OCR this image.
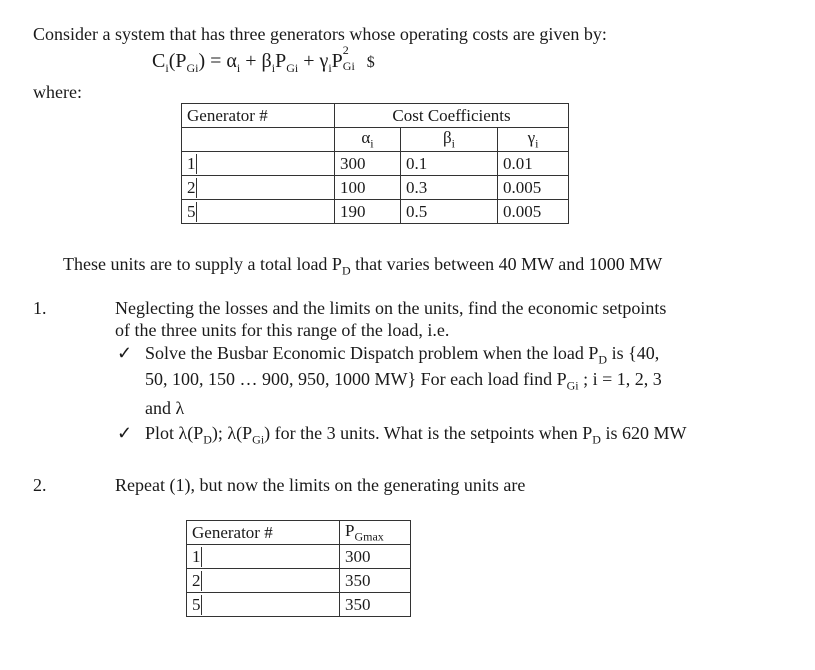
Consider a system that has three generators whose operating costs are given by:
$C_i(P_{Gi}) = \alpha_i + \beta_iP_{Gi} + \gamma_iP$ 2
Gi $
where:
Generator #	Cost Coefficients		
	$\alpha_i$	$\beta_i$	$\gamma_i$
1	300	0.1	0.01
2	100	0.3	0.005
5	190	0.5	0.005
These units are to supply a total load $P_D$ that varies between 40 MW and 1000 MW
1.	Neglecting the losses and the limits on the units, find the economic setpoints
of the three units for this range of the load, i.e.
✓ Solve the Busbar Economic Dispatch problem when the load $P_D$ is {40,
50, 100, 150 … 900, 950, 1000 MW} For each load find $P_{Gi}$ ; i = 1, 2, 3
and λ
✓ Plot $\lambda(P_D)$; $\lambda(P_{Gi})$ for the 3 units. What is the setpoints when $P_D$ is 620 MW
2.	Repeat (1), but now the limits on the generating units are
Generator #	$P_{Gmax}$
1	300
2	350
5	350
